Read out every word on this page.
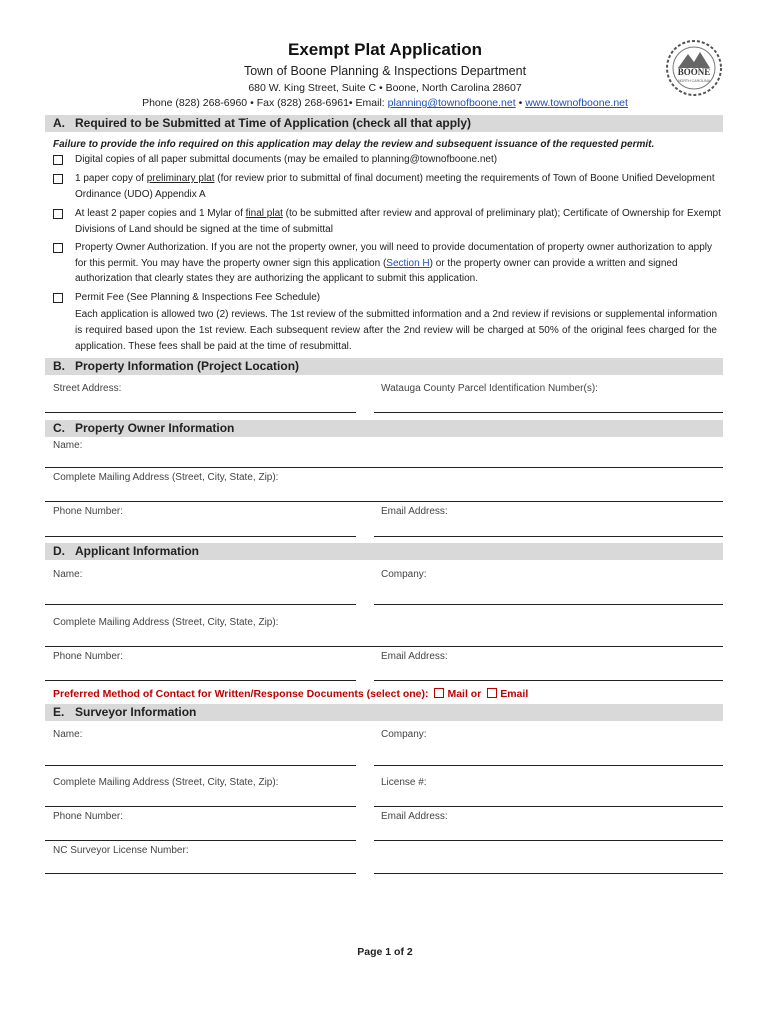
Exempt Plat Application
Town of Boone Planning & Inspections Department
680 W. King Street, Suite C • Boone, North Carolina 28607
Phone (828) 268-6960 • Fax (828) 268-6961• Email: planning@townofboone.net • www.townofboone.net
BOONE
NORTH CAROLINA
A. Required to be Submitted at Time of Application (check all that apply)
Failure to provide the info required on this application may delay the review and subsequent issuance of the requested permit.
Digital copies of all paper submittal documents (may be emailed to planning@townofboone.net)
1 paper copy of preliminary plat (for review prior to submittal of final document) meeting the requirements of Town of Boone Unified Development Ordinance (UDO) Appendix A
At least 2 paper copies and 1 Mylar of final plat (to be submitted after review and approval of preliminary plat); Certificate of Ownership for Exempt Divisions of Land should be signed at the time of submittal
Property Owner Authorization. If you are not the property owner, you will need to provide documentation of property owner authorization to apply for this permit. You may have the property owner sign this application (Section H) or the property owner can provide a written and signed authorization that clearly states they are authorizing the applicant to submit this application.
Permit Fee (See Planning & Inspections Fee Schedule)
Each application is allowed two (2) reviews. The 1st review of the submitted information and a 2nd review if revisions or supplemental information is required based upon the 1st review. Each subsequent review after the 2nd review will be charged at 50% of the original fees charged for the application. These fees shall be paid at the time of resubmittal.
B. Property Information (Project Location)
Street Address:	Watauga County Parcel Identification Number(s):
C. Property Owner Information
Name:
Complete Mailing Address (Street, City, State, Zip):
Phone Number:	Email Address:
D. Applicant Information
Name:	Company:
Complete Mailing Address (Street, City, State, Zip):
Phone Number:	Email Address:
Preferred Method of Contact for Written/Response Documents (select one): Mail or Email
E. Surveyor Information
Name:	Company:
Complete Mailing Address (Street, City, State, Zip):	License #:
Phone Number:	Email Address:
NC Surveyor License Number:
Page 1 of 2
